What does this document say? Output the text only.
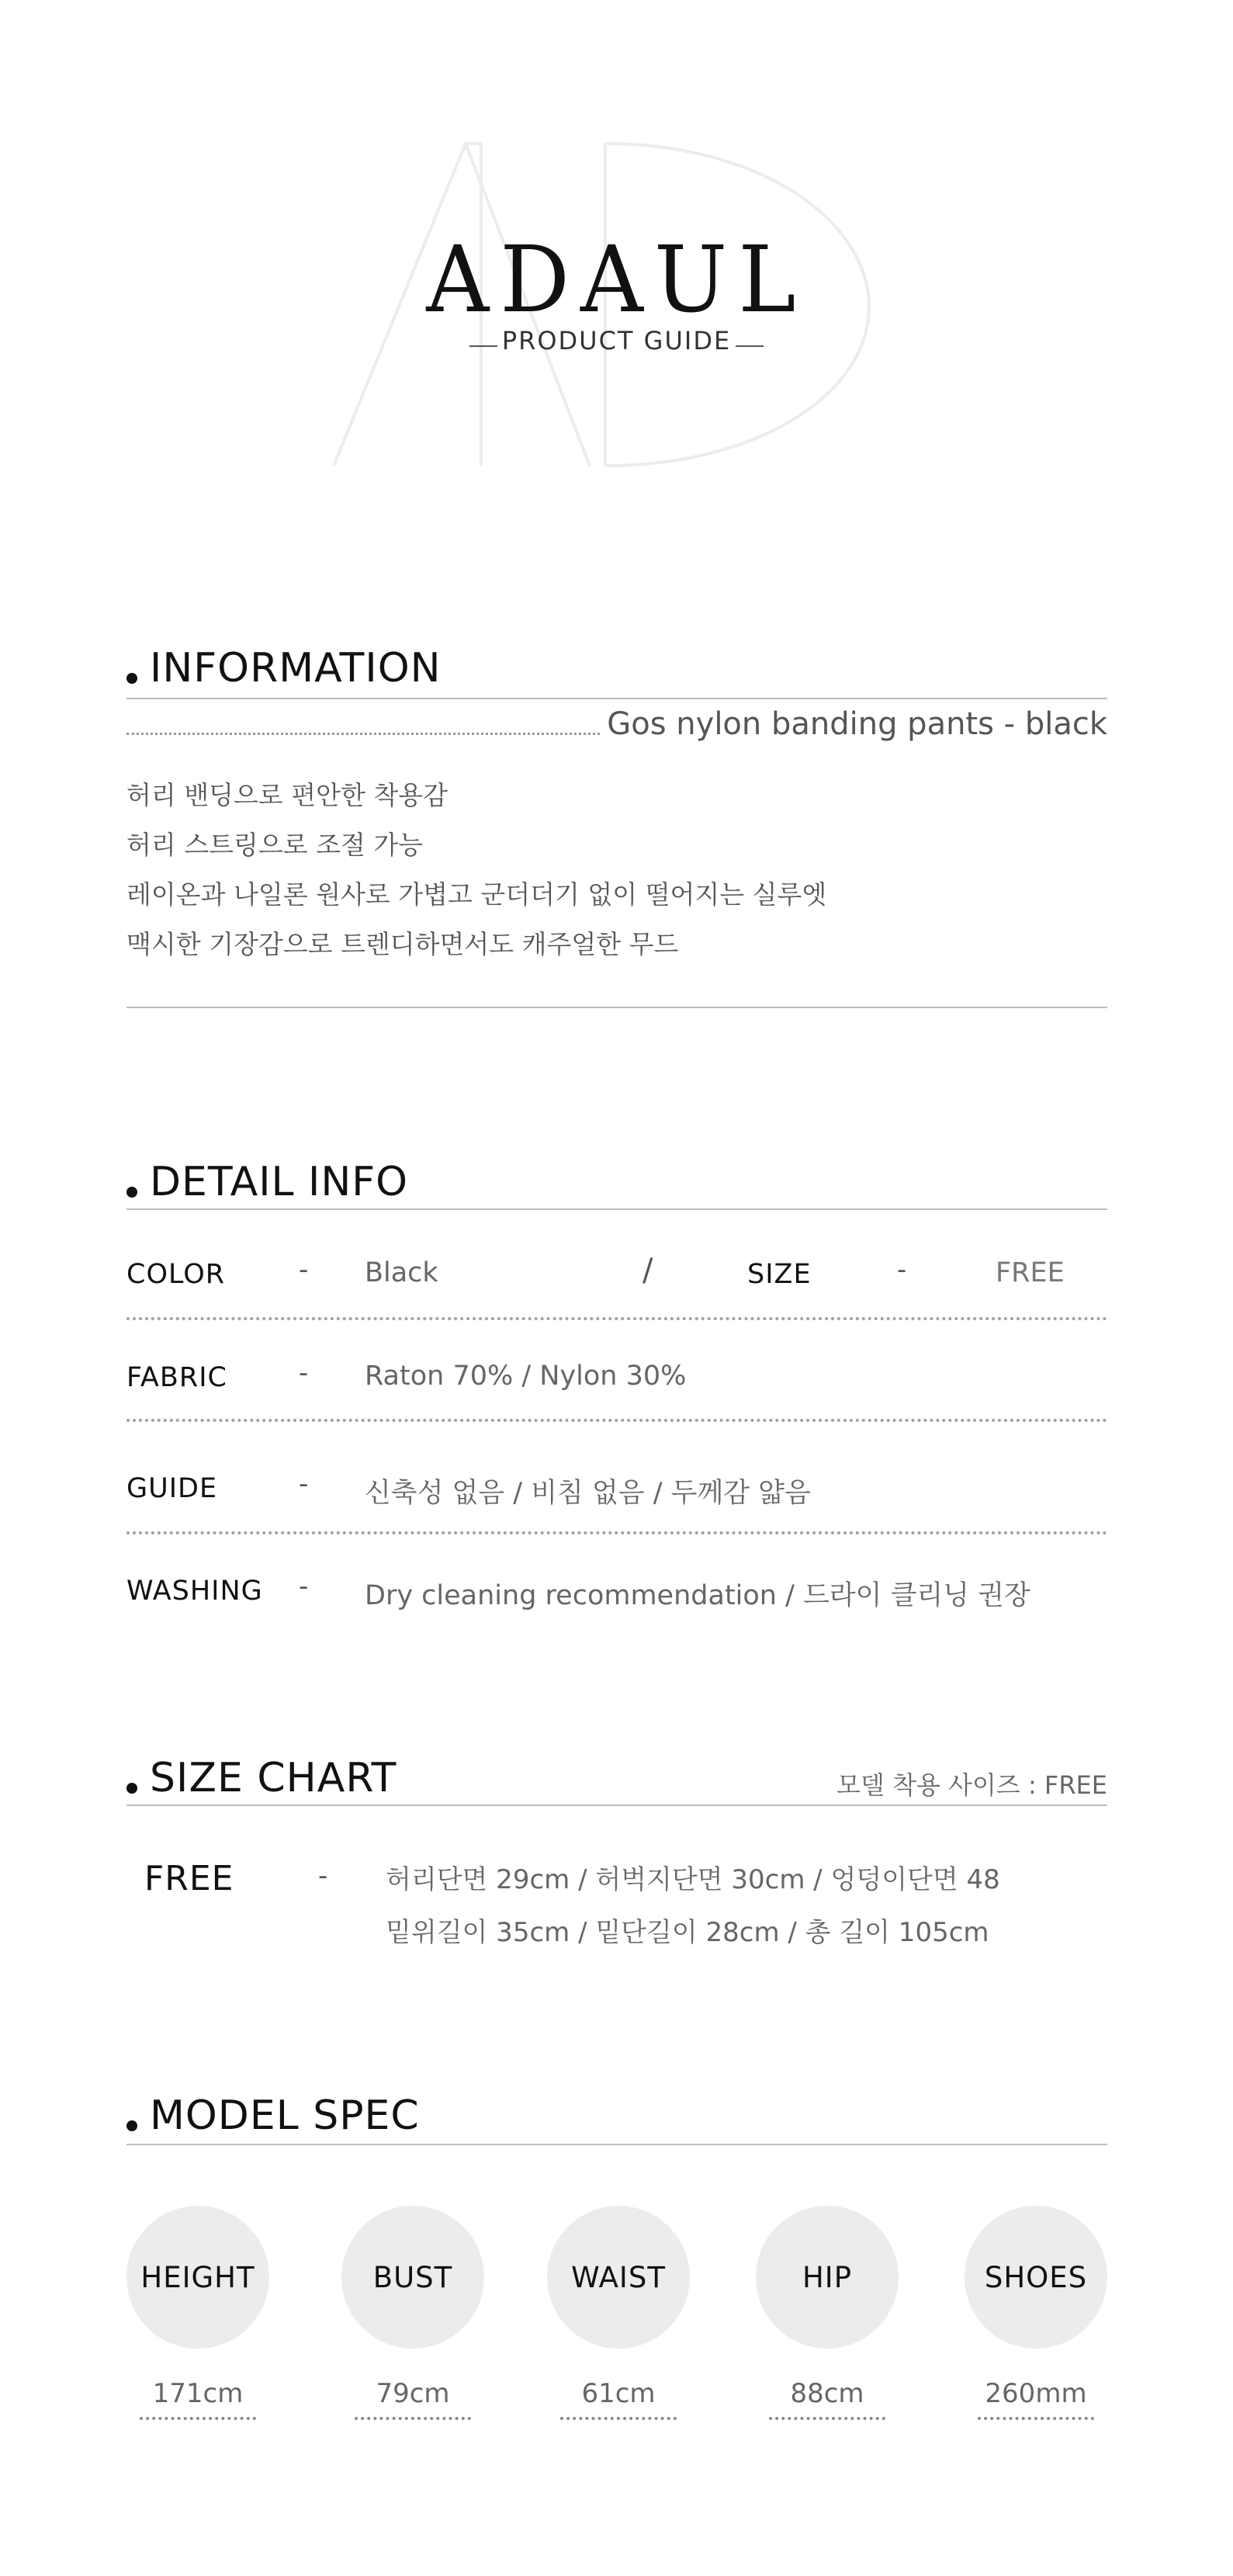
ADAUL
PRODUCT GUIDE
INFORMATION
Gos nylon banding pants - black
허리 밴딩으로 편안한 착용감
허리 스트링으로 조절 가능
레이온과 나일론 원사로 가볍고 군더더기 없이 떨어지는 실루엣
맥시한 기장감으로 트렌디하면서도 캐주얼한 무드
DETAIL INFO
COLOR	- Black	/	SIZE	-	FREE
FABRIC	- Raton 70% / Nylon 30%
GUIDE	- 신축성 없음 / 비침 없음 / 두께감 얇음
WASHING - Dry cleaning recommendation / 드라이 클리닝 권장
SIZE CHART	모델 착용 사이즈 : FREE
FREE	- 허리단면 29cm / 허벅지단면 30cm / 엉덩이단면 48
밑위길이 35cm / 밑단길이 28cm / 총 길이 105cm
MODEL SPEC
HEIGHT
171cm
BUST
79cm
WAIST
61cm
HIP
88cm
SHOES
260mm
